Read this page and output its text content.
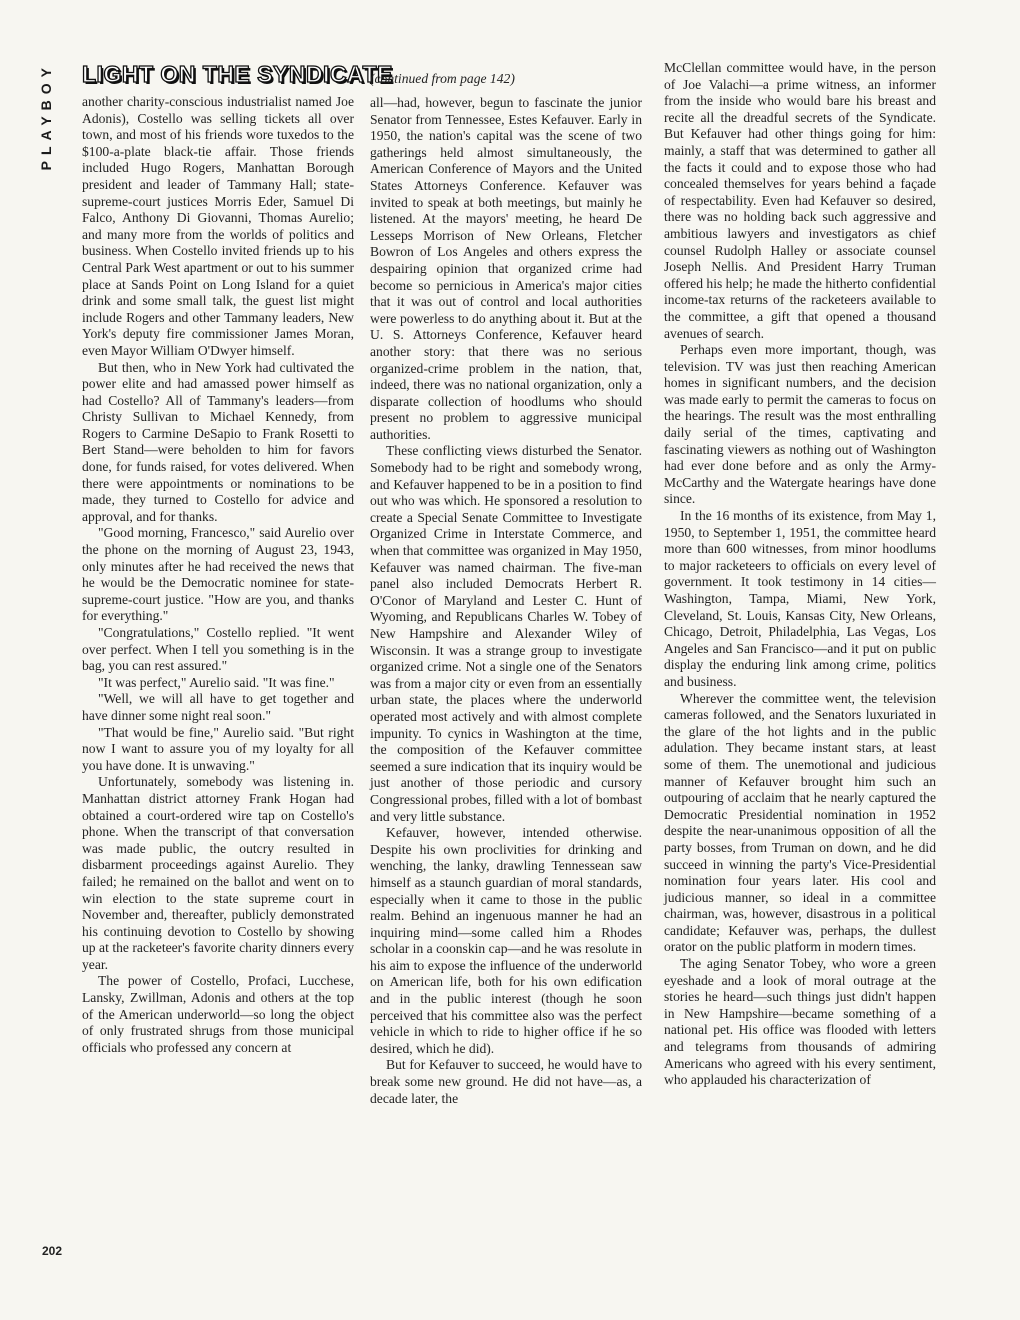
PLAYBOY
202
LIGHT ON THE SYNDICATE

another charity-conscious industrialist named Joe Adonis), Costello was selling tickets all over town, and most of his friends wore tuxedos to the $100-a-plate black-tie affair. Those friends included Hugo Rogers, Manhattan Borough president and leader of Tammany Hall; state-supreme-court justices Morris Eder, Samuel Di Falco, Anthony Di Giovanni, Thomas Aurelio; and many more from the worlds of politics and business. When Costello invited friends up to his Central Park West apartment or out to his summer place at Sands Point on Long Island for a quiet drink and some small talk, the guest list might include Rogers and other Tammany leaders, New York's deputy fire commissioner James Moran, even Mayor William O'Dwyer himself.

But then, who in New York had cultivated the power elite and had amassed power himself as had Costello? All of Tammany's leaders—from Christy Sullivan to Michael Kennedy, from Rogers to Carmine DeSapio to Frank Rosetti to Bert Stand—were beholden to him for favors done, for funds raised, for votes delivered. When there were appointments or nominations to be made, they turned to Costello for advice and approval, and for thanks.

"Good morning, Francesco," said Aurelio over the phone on the morning of August 23, 1943, only minutes after he had received the news that he would be the Democratic nominee for state-supreme-court justice. "How are you, and thanks for everything."

"Congratulations," Costello replied. "It went over perfect. When I tell you something is in the bag, you can rest assured."

"It was perfect," Aurelio said. "It was fine."

"Well, we will all have to get together and have dinner some night real soon."

"That would be fine," Aurelio said. "But right now I want to assure you of my loyalty for all you have done. It is unwaving."

Unfortunately, somebody was listening in. Manhattan district attorney Frank Hogan had obtained a court-ordered wire tap on Costello's phone. When the transcript of that conversation was made public, the outcry resulted in disbarment proceedings against Aurelio. They failed; he remained on the ballot and went on to win election to the state supreme court in November and, thereafter, publicly demonstrated his continuing devotion to Costello by showing up at the racketeer's favorite charity dinners every year.

The power of Costello, Profaci, Lucchese, Lansky, Zwillman, Adonis and others at the top of the American underworld—so long the object of only frustrated shrugs from those municipal officials who professed any concern at

(continued from page 142)

all—had, however, begun to fascinate the junior Senator from Tennessee, Estes Kefauver. Early in 1950, the nation's capital was the scene of two gatherings held almost simultaneously, the American Conference of Mayors and the United States Attorneys Conference. Kefauver was invited to speak at both meetings, but mainly he listened. At the mayors' meeting, he heard De Lesseps Morrison of New Orleans, Fletcher Bowron of Los Angeles and others express the despairing opinion that organized crime had become so pernicious in America's major cities that it was out of control and local authorities were powerless to do anything about it. But at the U. S. Attorneys Conference, Kefauver heard another story: that there was no serious organized-crime problem in the nation, that, indeed, there was no national organization, only a disparate collection of hoodlums who should present no problem to aggressive municipal authorities.

These conflicting views disturbed the Senator. Somebody had to be right and somebody wrong, and Kefauver happened to be in a position to find out who was which. He sponsored a resolution to create a Special Senate Committee to Investigate Organized Crime in Interstate Commerce, and when that committee was organized in May 1950, Kefauver was named chairman. The five-man panel also included Democrats Herbert R. O'Conor of Maryland and Lester C. Hunt of Wyoming, and Republicans Charles W. Tobey of New Hampshire and Alexander Wiley of Wisconsin. It was a strange group to investigate organized crime. Not a single one of the Senators was from a major city or even from an essentially urban state, the places where the underworld operated most actively and with almost complete impunity. To cynics in Washington at the time, the composition of the Kefauver committee seemed a sure indication that its inquiry would be just another of those periodic and cursory Congressional probes, filled with a lot of bombast and very little substance.

Kefauver, however, intended otherwise. Despite his own proclivities for drinking and wenching, the lanky, drawling Tennessean saw himself as a staunch guardian of moral standards, especially when it came to those in the public realm. Behind an ingenuous manner he had an inquiring mind—some called him a Rhodes scholar in a coonskin cap—and he was resolute in his aim to expose the influence of the underworld on American life, both for his own edification and in the public interest (though he soon perceived that his committee also was the perfect vehicle in which to ride to higher office if he so desired, which he did).

But for Kefauver to succeed, he would have to break some new ground. He did not have—as, a decade later, the

McClellan committee would have, in the person of Joe Valachi—a prime witness, an informer from the inside who would bare his breast and recite all the dreadful secrets of the Syndicate. But Kefauver had other things going for him: mainly, a staff that was determined to gather all the facts it could and to expose those who had concealed themselves for years behind a façade of respectability. Even had Kefauver so desired, there was no holding back such aggressive and ambitious lawyers and investigators as chief counsel Rudolph Halley or associate counsel Joseph Nellis. And President Harry Truman offered his help; he made the hitherto confidential income-tax returns of the racketeers available to the committee, a gift that opened a thousand avenues of search.

Perhaps even more important, though, was television. TV was just then reaching American homes in significant numbers, and the decision was made early to permit the cameras to focus on the hearings. The result was the most enthralling daily serial of the times, captivating and fascinating viewers as nothing out of Washington had ever done before and as only the Army-McCarthy and the Watergate hearings have done since.

In the 16 months of its existence, from May 1, 1950, to September 1, 1951, the committee heard more than 600 witnesses, from minor hoodlums to major racketeers to officials on every level of government. It took testimony in 14 cities—Washington, Tampa, Miami, New York, Cleveland, St. Louis, Kansas City, New Orleans, Chicago, Detroit, Philadelphia, Las Vegas, Los Angeles and San Francisco—and it put on public display the enduring link among crime, politics and business.

Wherever the committee went, the television cameras followed, and the Senators luxuriated in the glare of the hot lights and in the public adulation. They became instant stars, at least some of them. The unemotional and judicious manner of Kefauver brought him such an outpouring of acclaim that he nearly captured the Democratic Presidential nomination in 1952 despite the near-unanimous opposition of all the party bosses, from Truman on down, and he did succeed in winning the party's Vice-Presidential nomination four years later. His cool and judicious manner, so ideal in a committee chairman, was, however, disastrous in a political candidate; Kefauver was, perhaps, the dullest orator on the public platform in modern times.

The aging Senator Tobey, who wore a green eyeshade and a look of moral outrage at the stories he heard—such things just didn't happen in New Hampshire—became something of a national pet. His office was flooded with letters and telegrams from thousands of admiring Americans who agreed with his every sentiment, who applauded his characterization of
